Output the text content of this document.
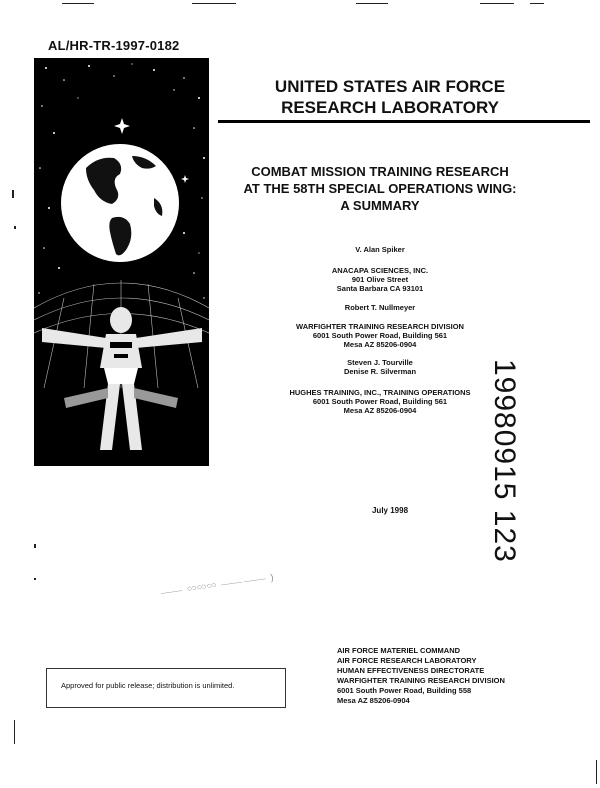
AL/HR-TR-1997-0182
UNITED STATES AIR FORCE
RESEARCH LABORATORY
COMBAT MISSION TRAINING RESEARCH
AT THE 58TH SPECIAL OPERATIONS WING:
A SUMMARY
V. Alan Spiker
ANACAPA SCIENCES, INC.
901 Olive Street
Santa Barbara CA 93101
Robert T. Nullmeyer
WARFIGHTER TRAINING RESEARCH DIVISION
6001 South Power Road, Building 561
Mesa AZ 85206-0904
Steven J. Tourville
Denise R. Silverman
HUGHES TRAINING, INC., TRAINING OPERATIONS
6001 South Power Road, Building 561
Mesa AZ 85206-0904
July 1998	19980915 123
⸻ ∽∽∽ ⸻⸻ )
Approved for public release; distribution is unlimited.
AIR FORCE MATERIEL COMMAND
AIR FORCE RESEARCH LABORATORY
HUMAN EFFECTIVENESS DIRECTORATE
WARFIGHTER TRAINING RESEARCH DIVISION
6001 South Power Road, Building 558
Mesa AZ 85206-0904
